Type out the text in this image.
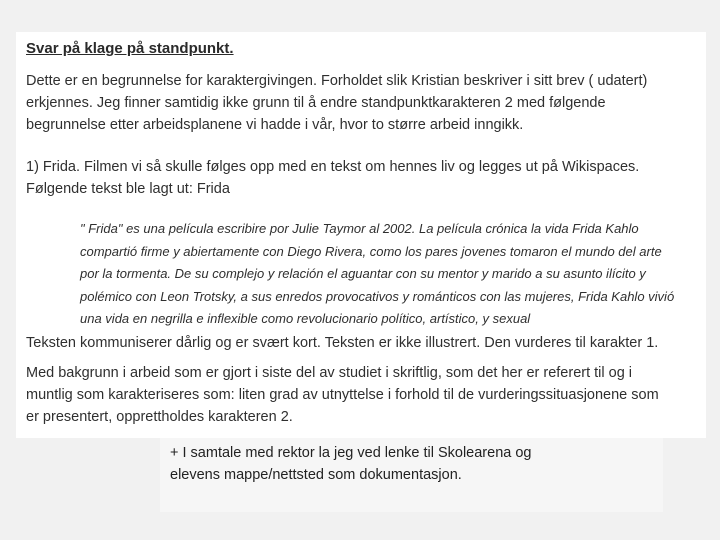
Svar på klage på standpunkt.
Dette er en begrunnelse for karaktergivingen. Forholdet slik Kristian beskriver i sitt brev ( udatert)
erkjennes. Jeg finner samtidig ikke grunn til å endre standpunktkarakteren 2 med følgende
begrunnelse etter arbeidsplanene vi hadde i vår, hvor to større arbeid inngikk.
1) Frida. Filmen vi så skulle følges opp med en tekst om hennes liv og legges ut på Wikispaces.
Følgende tekst ble lagt ut: Frida
" Frida" es una película escribire por Julie Taymor al 2002. La película crónica la vida Frida Kahlo
compartió firme y abiertamente con Diego Rivera, como los pares jovenes tomaron el mundo del arte
por la tormenta. De su complejo y relación el aguantar con su mentor y marido a su asunto ilícito y
polémico con Leon Trotsky, a sus enredos provocativos y románticos con las mujeres, Frida Kahlo vivió
una vida en negrilla e inflexible como revolucionario político, artístico, y sexual
Teksten kommuniserer dårlig og er svært kort. Teksten er ikke illustrert. Den vurderes til karakter 1.
Med bakgrunn i arbeid som er gjort i siste del av studiet i skriftlig, som det her er referert til og i
muntlig som karakteriseres som: liten grad av utnyttelse i forhold til de vurderingssituasjonene som
er presentert, opprettholdes karakteren 2.
+ I samtale med rektor la jeg ved lenke til Skolearena og
elevens mappe/nettsted som dokumentasjon.
